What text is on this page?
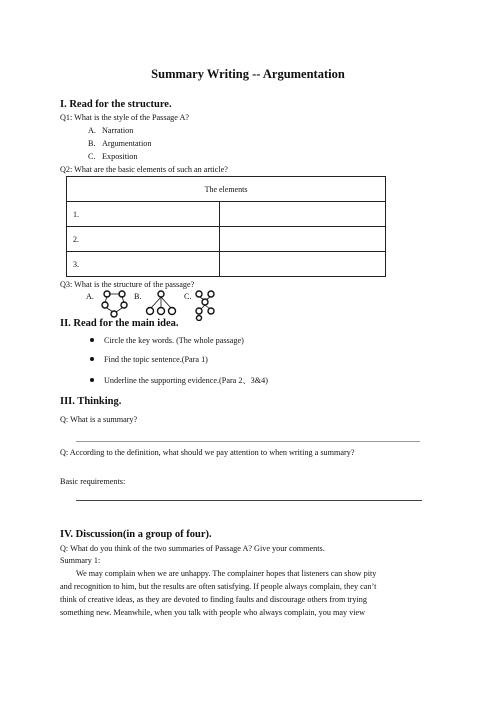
Summary Writing -- Argumentation
I. Read for the structure.
Q1: What is the style of the Passage A?
A. Narration
B. Argumentation
C. Exposition
Q2: What are the basic elements of such an article?
The elements	
1.	
2.	
3.	
Q3: What is the structure of the passage?
A.	B.	C.
II. Read for the main idea.
Circle the key words. (The whole passage)
Find the topic sentence.(Para 1)
Underline the supporting evidence.(Para 2、3&4)
III. Thinking.
Q: What is a summary?
Q: According to the definition, what should we pay attention to when writing a summary?
Basic requirements:
IV. Discussion(in a group of four).
Q: What do you think of the two summaries of Passage A? Give your comments.
Summary 1:
We may complain when we are unhappy. The complainer hopes that listeners can show pity
and recognition to him, but the results are often satisfying. If people always complain, they can’t
think of creative ideas, as they are devoted to finding faults and discourage others from trying
something new. Meanwhile, when you talk with people who always complain, you may view
